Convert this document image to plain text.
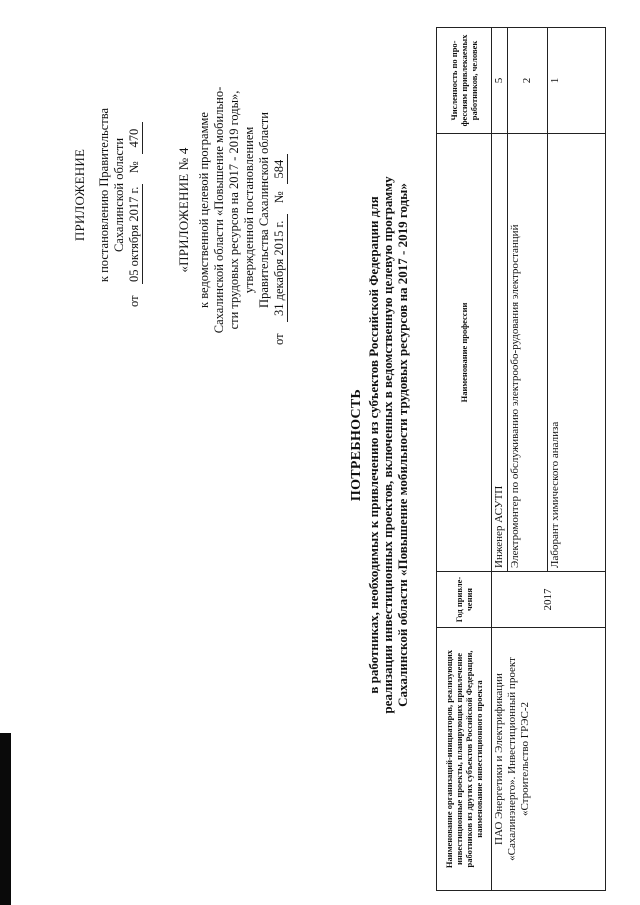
ПРИЛОЖЕНИЕ к постановлению Правительства Сахалинской области
от 05 октября 2017 г. № 470
«ПРИЛОЖЕНИЕ № 4 к ведомственной целевой программе Сахалинской области «Повышение мобильно- сти трудовых ресурсов на 2017 - 2019 годы», утвержденной постановлением Правительства Сахалинской области
от 31 декабря 2015 г. № 584
ПОТРЕБНОСТЬ в работниках, необходимых к привлечению из субъектов Российской Федерации для реализации инвестиционных проектов, включенных в ведомственную целевую программу Сахалинской области «Повышение мобильности трудовых ресурсов на 2017 - 2019 годы»
Наименование организаций-инициаторов, реализующих инвестиционные проекты, планирующих привлечение работников из других субъектов Российской Федерации, наименование инвестиционного проекта	Год привле-чения	Наименование профессии	Численность по про-фессиям привлекаемых работников, человек

ПАО Энергетики и Электрификации «Сахалинэнерго». Инвестиционный проект «Строительство ГРЭС-2	2017	Инженер АСУТП	5
		Электромонтер по обслуживанию электрообо-рудования электростанций	2
		Лаборант химического анализа	1
